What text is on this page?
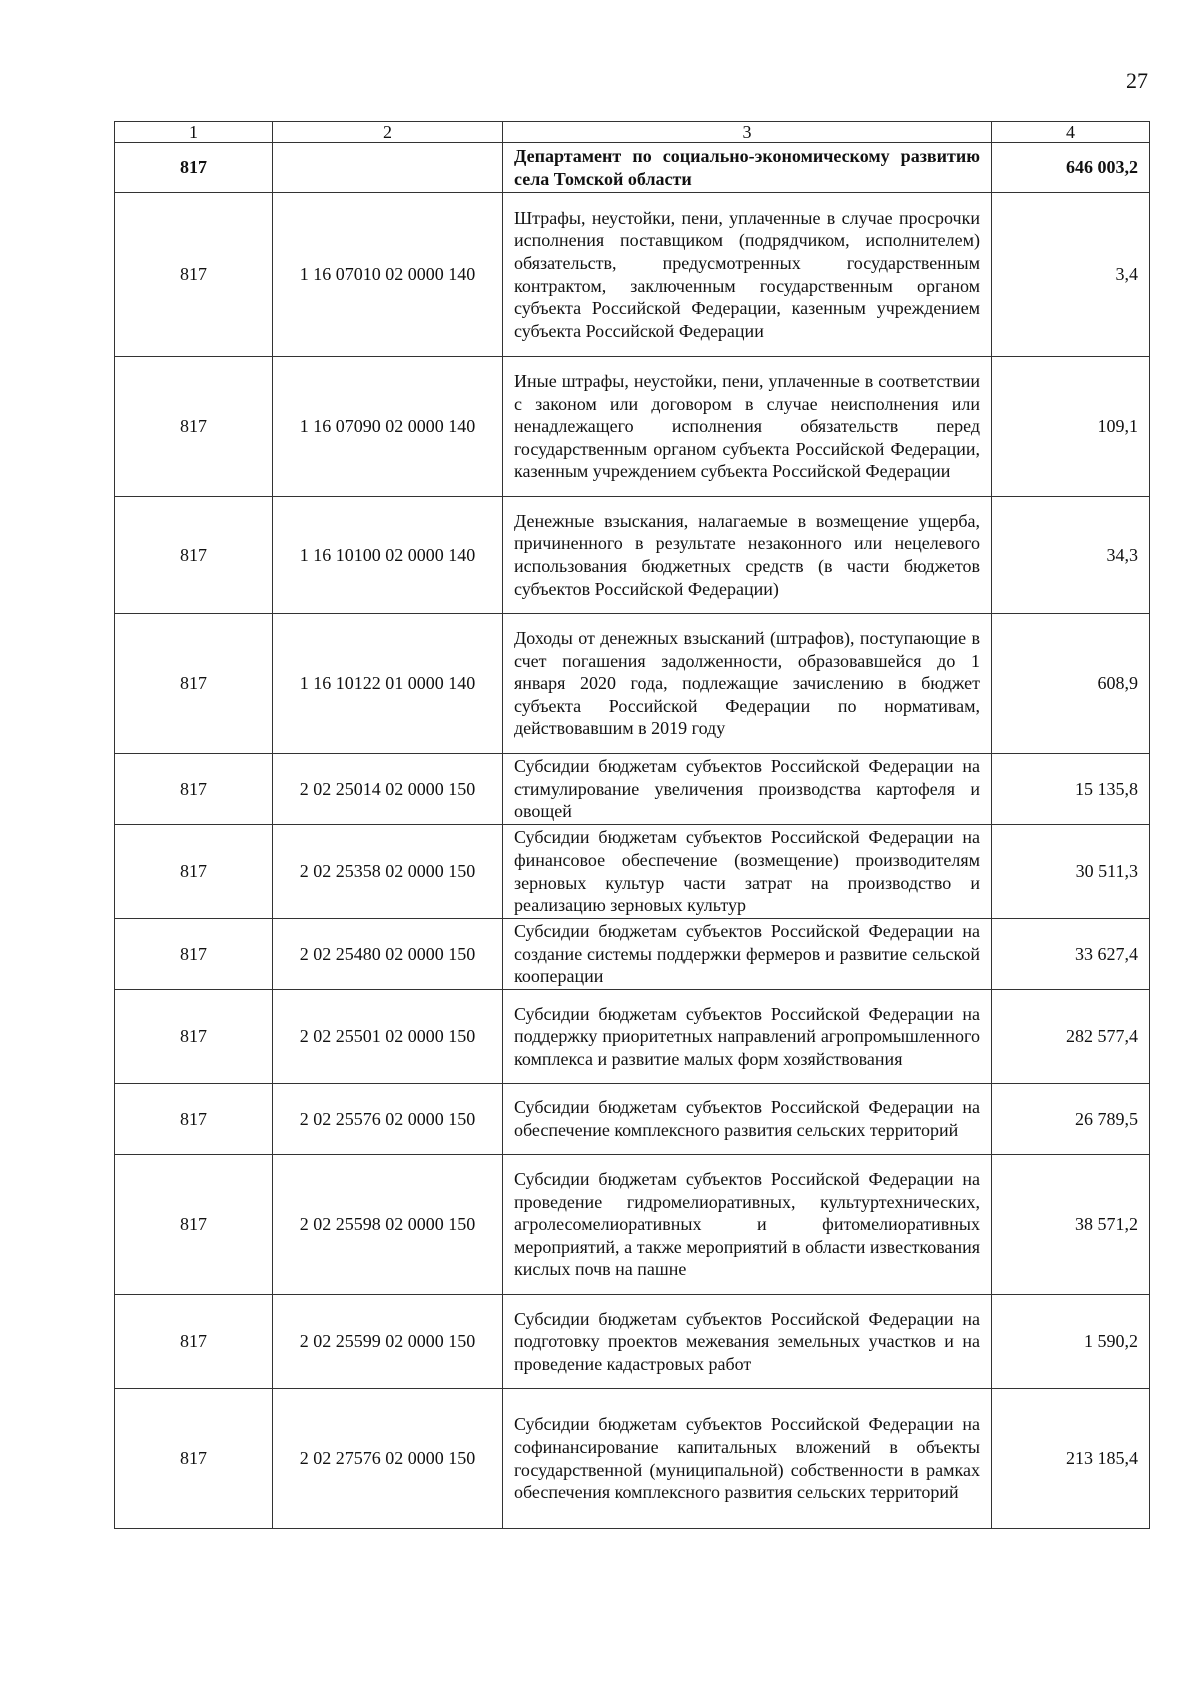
27
1	2	3	4
817		Департамент по социально-экономическому развитию села Томской области	646 003,2
817	1 16 07010 02 0000 140	Штрафы, неустойки, пени, уплаченные в случае просрочки исполнения поставщиком (подрядчиком, исполнителем) обязательств, предусмотренных государственным контрактом, заключенным государственным органом субъекта Российской Федерации, казенным учреждением субъекта Российской Федерации	3,4
817	1 16 07090 02 0000 140	Иные штрафы, неустойки, пени, уплаченные в соответствии с законом или договором в случае неисполнения или ненадлежащего исполнения обязательств перед государственным органом субъекта Российской Федерации, казенным учреждением субъекта Российской Федерации	109,1
817	1 16 10100 02 0000 140	Денежные взыскания, налагаемые в возмещение ущерба, причиненного в результате незаконного или нецелевого использования бюджетных средств (в части бюджетов субъектов Российской Федерации)	34,3
817	1 16 10122 01 0000 140	Доходы от денежных взысканий (штрафов), поступающие в счет погашения задолженности, образовавшейся до 1 января 2020 года, подлежащие зачислению в бюджет субъекта Российской Федерации по нормативам, действовавшим в 2019 году	608,9
817	2 02 25014 02 0000 150	Субсидии бюджетам субъектов Российской Федерации на стимулирование увеличения производства картофеля и овощей	15 135,8
817	2 02 25358 02 0000 150	Субсидии бюджетам субъектов Российской Федерации на финансовое обеспечение (возмещение) производителям зерновых культур части затрат на производство и реализацию зерновых культур	30 511,3
817	2 02 25480 02 0000 150	Субсидии бюджетам субъектов Российской Федерации на создание системы поддержки фермеров и развитие сельской кооперации	33 627,4
817	2 02 25501 02 0000 150	Субсидии бюджетам субъектов Российской Федерации на поддержку приоритетных направлений агропромышленного комплекса и развитие малых форм хозяйствования	282 577,4
817	2 02 25576 02 0000 150	Субсидии бюджетам субъектов Российской Федерации на обеспечение комплексного развития сельских территорий	26 789,5
817	2 02 25598 02 0000 150	Субсидии бюджетам субъектов Российской Федерации на проведение гидромелиоративных, культуртехнических, агролесомелиоративных и фитомелиоративных мероприятий, а также мероприятий в области известкования кислых почв на пашне	38 571,2
817	2 02 25599 02 0000 150	Субсидии бюджетам субъектов Российской Федерации на подготовку проектов межевания земельных участков и на проведение кадастровых работ	1 590,2
817	2 02 27576 02 0000 150	Субсидии бюджетам субъектов Российской Федерации на софинансирование капитальных вложений в объекты государственной (муниципальной) собственности в рамках обеспечения комплексного развития сельских территорий	213 185,4
